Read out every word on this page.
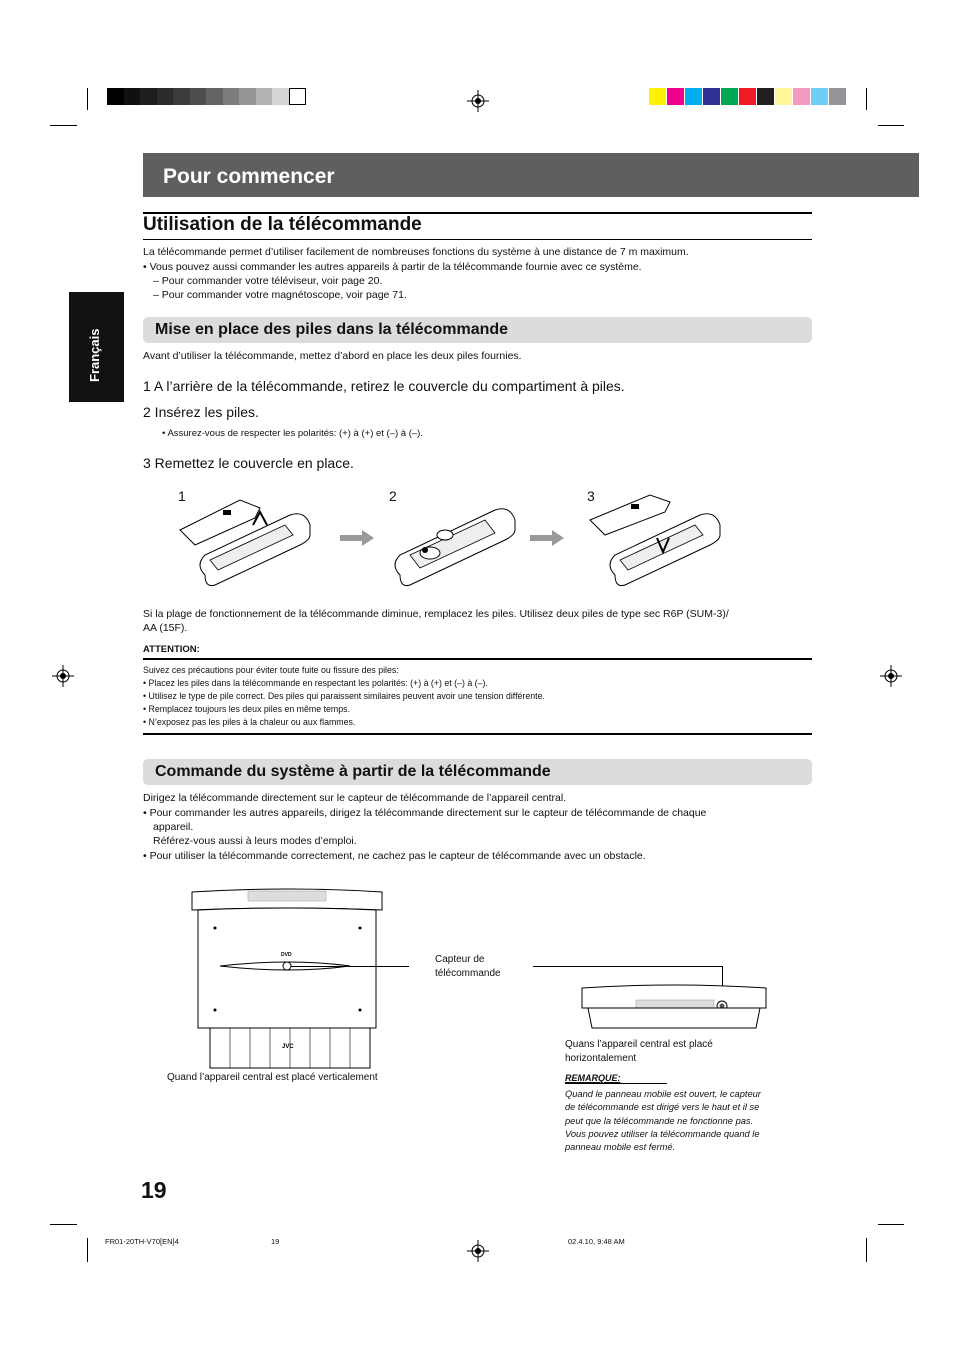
Pour commencer
Français
Utilisation de la télécommande
La télécommande permet d’utiliser facilement de nombreuses fonctions du système à une distance de 7 m maximum.
• Vous pouvez aussi commander les autres appareils à partir de la télécommande fournie avec ce système.
– Pour commander votre téléviseur, voir page 20.
– Pour commander votre magnétoscope, voir page 71.
Mise en place des piles dans la télécommande
Avant d’utiliser la télécommande, mettez d’abord en place les deux piles fournies.
1 A l’arrière de la télécommande, retirez le couvercle du compartiment à piles.
2 Insérez les piles.
• Assurez-vous de respecter les polarités: (+) à (+) et (–) à (–).
3 Remettez le couvercle en place.
1	2	3
Si la plage de fonctionnement de la télécommande diminue, remplacez les piles. Utilisez deux piles de type sec R6P (SUM-3)/
AA (15F).
ATTENTION:
Suivez ces précautions pour éviter toute fuite ou fissure des piles:
• Placez les piles dans la télécommande en respectant les polarités: (+) à (+) et (–) à (–).
• Utilisez le type de pile correct. Des piles qui paraissent similaires peuvent avoir une tension différente.
• Remplacez toujours les deux piles en même temps.
• N’exposez pas les piles à la chaleur ou aux flammes.
Commande du système à partir de la télécommande
Dirigez la télécommande directement sur le capteur de télécommande de l’appareil central.
• Pour commander les autres appareils, dirigez la télécommande directement sur le capteur de télécommande de chaque
appareil.
Référez-vous aussi à leurs modes d’emploi.
• Pour utiliser la télécommande correctement, ne cachez pas le capteur de télécommande avec un obstacle.
DVD
JVC
Capteur de
télécommande
Quand l’appareil central est placé verticalement
Quans l’appareil central est placé
horizontalement
REMARQUE:
Quand le panneau mobile est ouvert, le capteur
de télécommande est dirigé vers le haut et il se
peut que la télécommande ne fonctionne pas.
Vous pouvez utiliser la télécommande quand le
panneau mobile est fermé.
19
FR01-20TH-V70[EN]4	19	02.4.10, 9:48 AM
